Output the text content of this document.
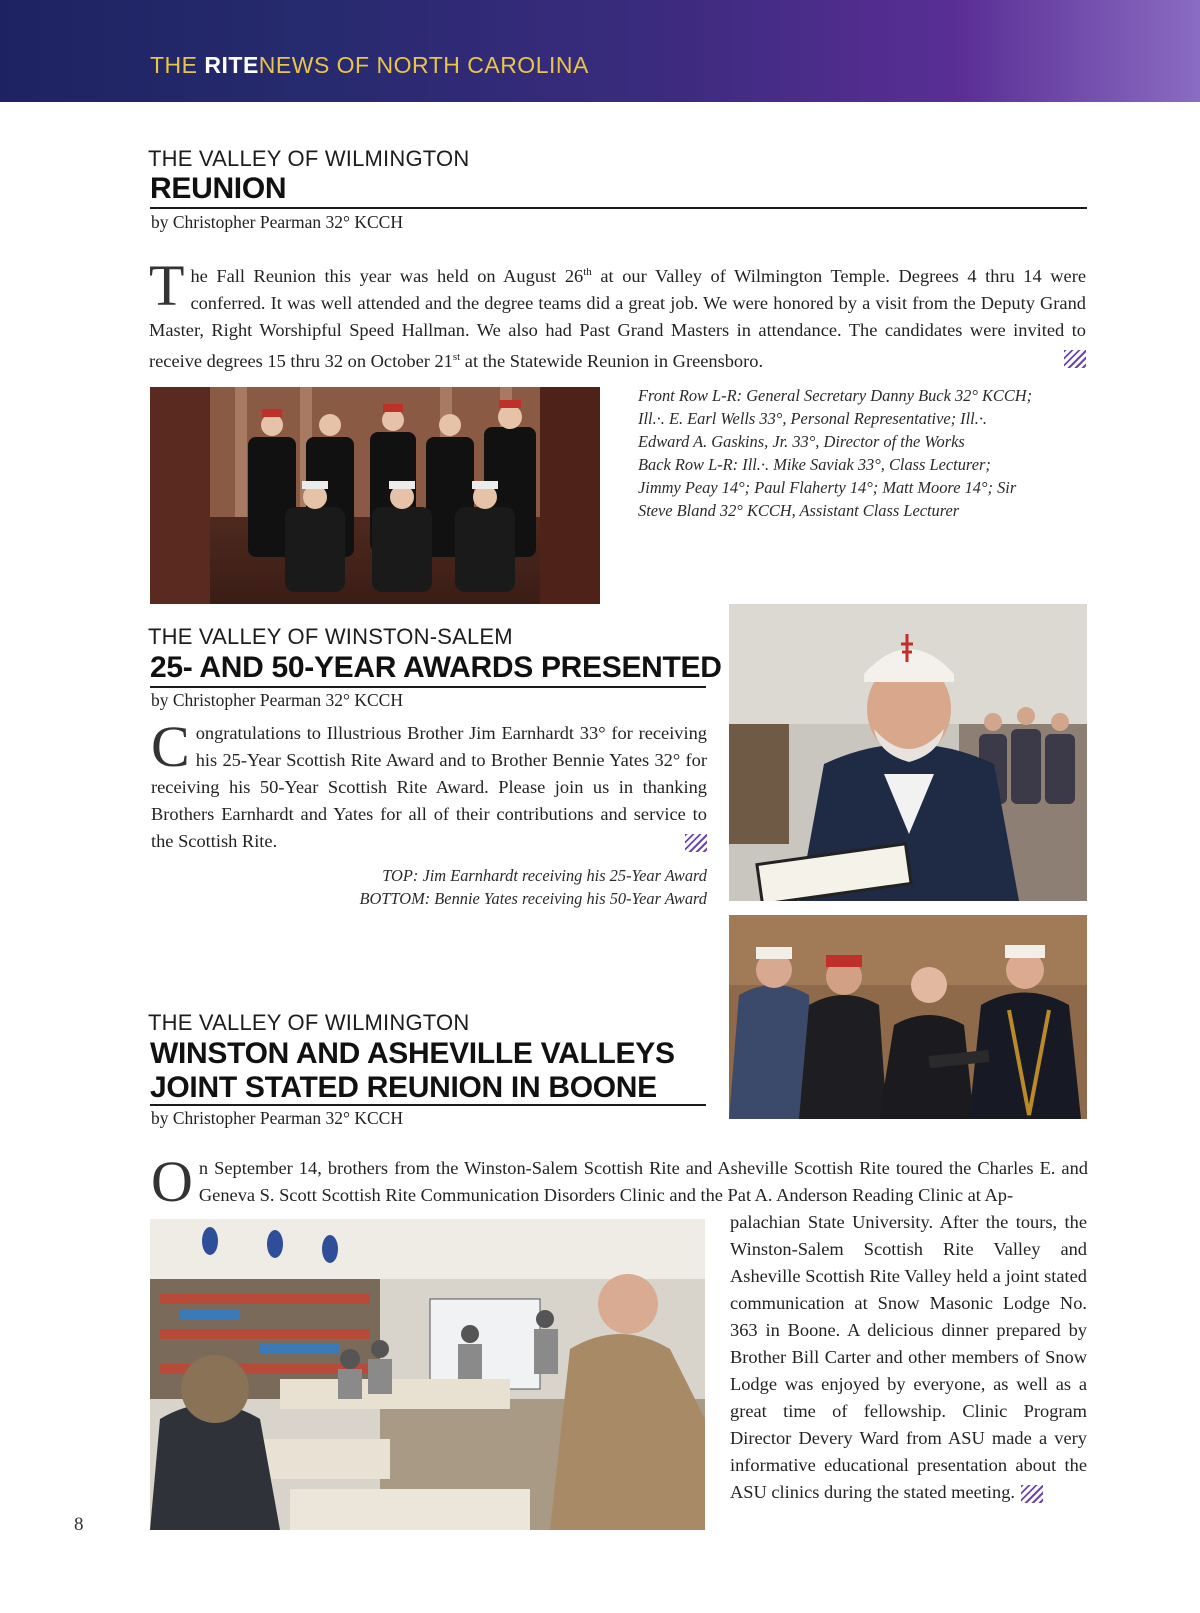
THE RITENEWS OF NORTH CAROLINA
THE VALLEY OF WILMINGTON
REUNION
by Christopher Pearman 32° KCCH

The Fall Reunion this year was held on August 26th at our Valley of Wilmington Temple. Degrees 4 thru 14 were conferred. It was well attended and the degree teams did a great job. We were honored by a visit from the Deputy Grand Master, Right Worshipful Speed Hallman. We also had Past Grand Masters in attendance. The candidates were invited to receive degrees 15 thru 32 on October 21st at the Statewide Reunion in Greensboro.

Front Row L-R: General Secretary Danny Buck 32° KCCH;
Ill.·. E. Earl Wells 33°, Personal Representative; Ill.·.
Edward A. Gaskins, Jr. 33°, Director of the Works
Back Row L-R: Ill.·. Mike Saviak 33°, Class Lecturer;
Jimmy Peay 14°; Paul Flaherty 14°; Matt Moore 14°; Sir
Steve Bland 32° KCCH, Assistant Class Lecturer
THE VALLEY OF WINSTON-SALEM
25- AND 50-YEAR AWARDS PRESENTED
by Christopher Pearman 32° KCCH

Congratulations to Illustrious Brother Jim Earnhardt 33° for receiving his 25-Year Scottish Rite Award and to Brother Bennie Yates 32° for receiving his 50-Year Scottish Rite Award. Please join us in thanking Brothers Earnhardt and Yates for all of their contributions and service to the Scottish Rite.

TOP: Jim Earnhardt receiving his 25-Year Award
BOTTOM: Bennie Yates receiving his 50-Year Award
THE VALLEY OF WILMINGTON
WINSTON AND ASHEVILLE VALLEYS
JOINT STATED REUNION IN BOONE
by Christopher Pearman 32° KCCH

On September 14, brothers from the Winston-Salem Scottish Rite and Asheville Scottish Rite toured the Charles E. and Geneva S. Scott Scottish Rite Communication Disorders Clinic and the Pat A. Anderson Reading Clinic at Ap-

palachian State University. After the tours, the Winston-Salem Scottish Rite Valley and Asheville Scottish Rite Valley held a joint stated communication at Snow Masonic Lodge No. 363 in Boone. A delicious dinner prepared by Brother Bill Carter and other members of Snow Lodge was enjoyed by everyone, as well as a great time of fellowship. Clinic Program Director Devery Ward from ASU made a very informative educational presentation about the ASU clinics during the stated meeting.

8
